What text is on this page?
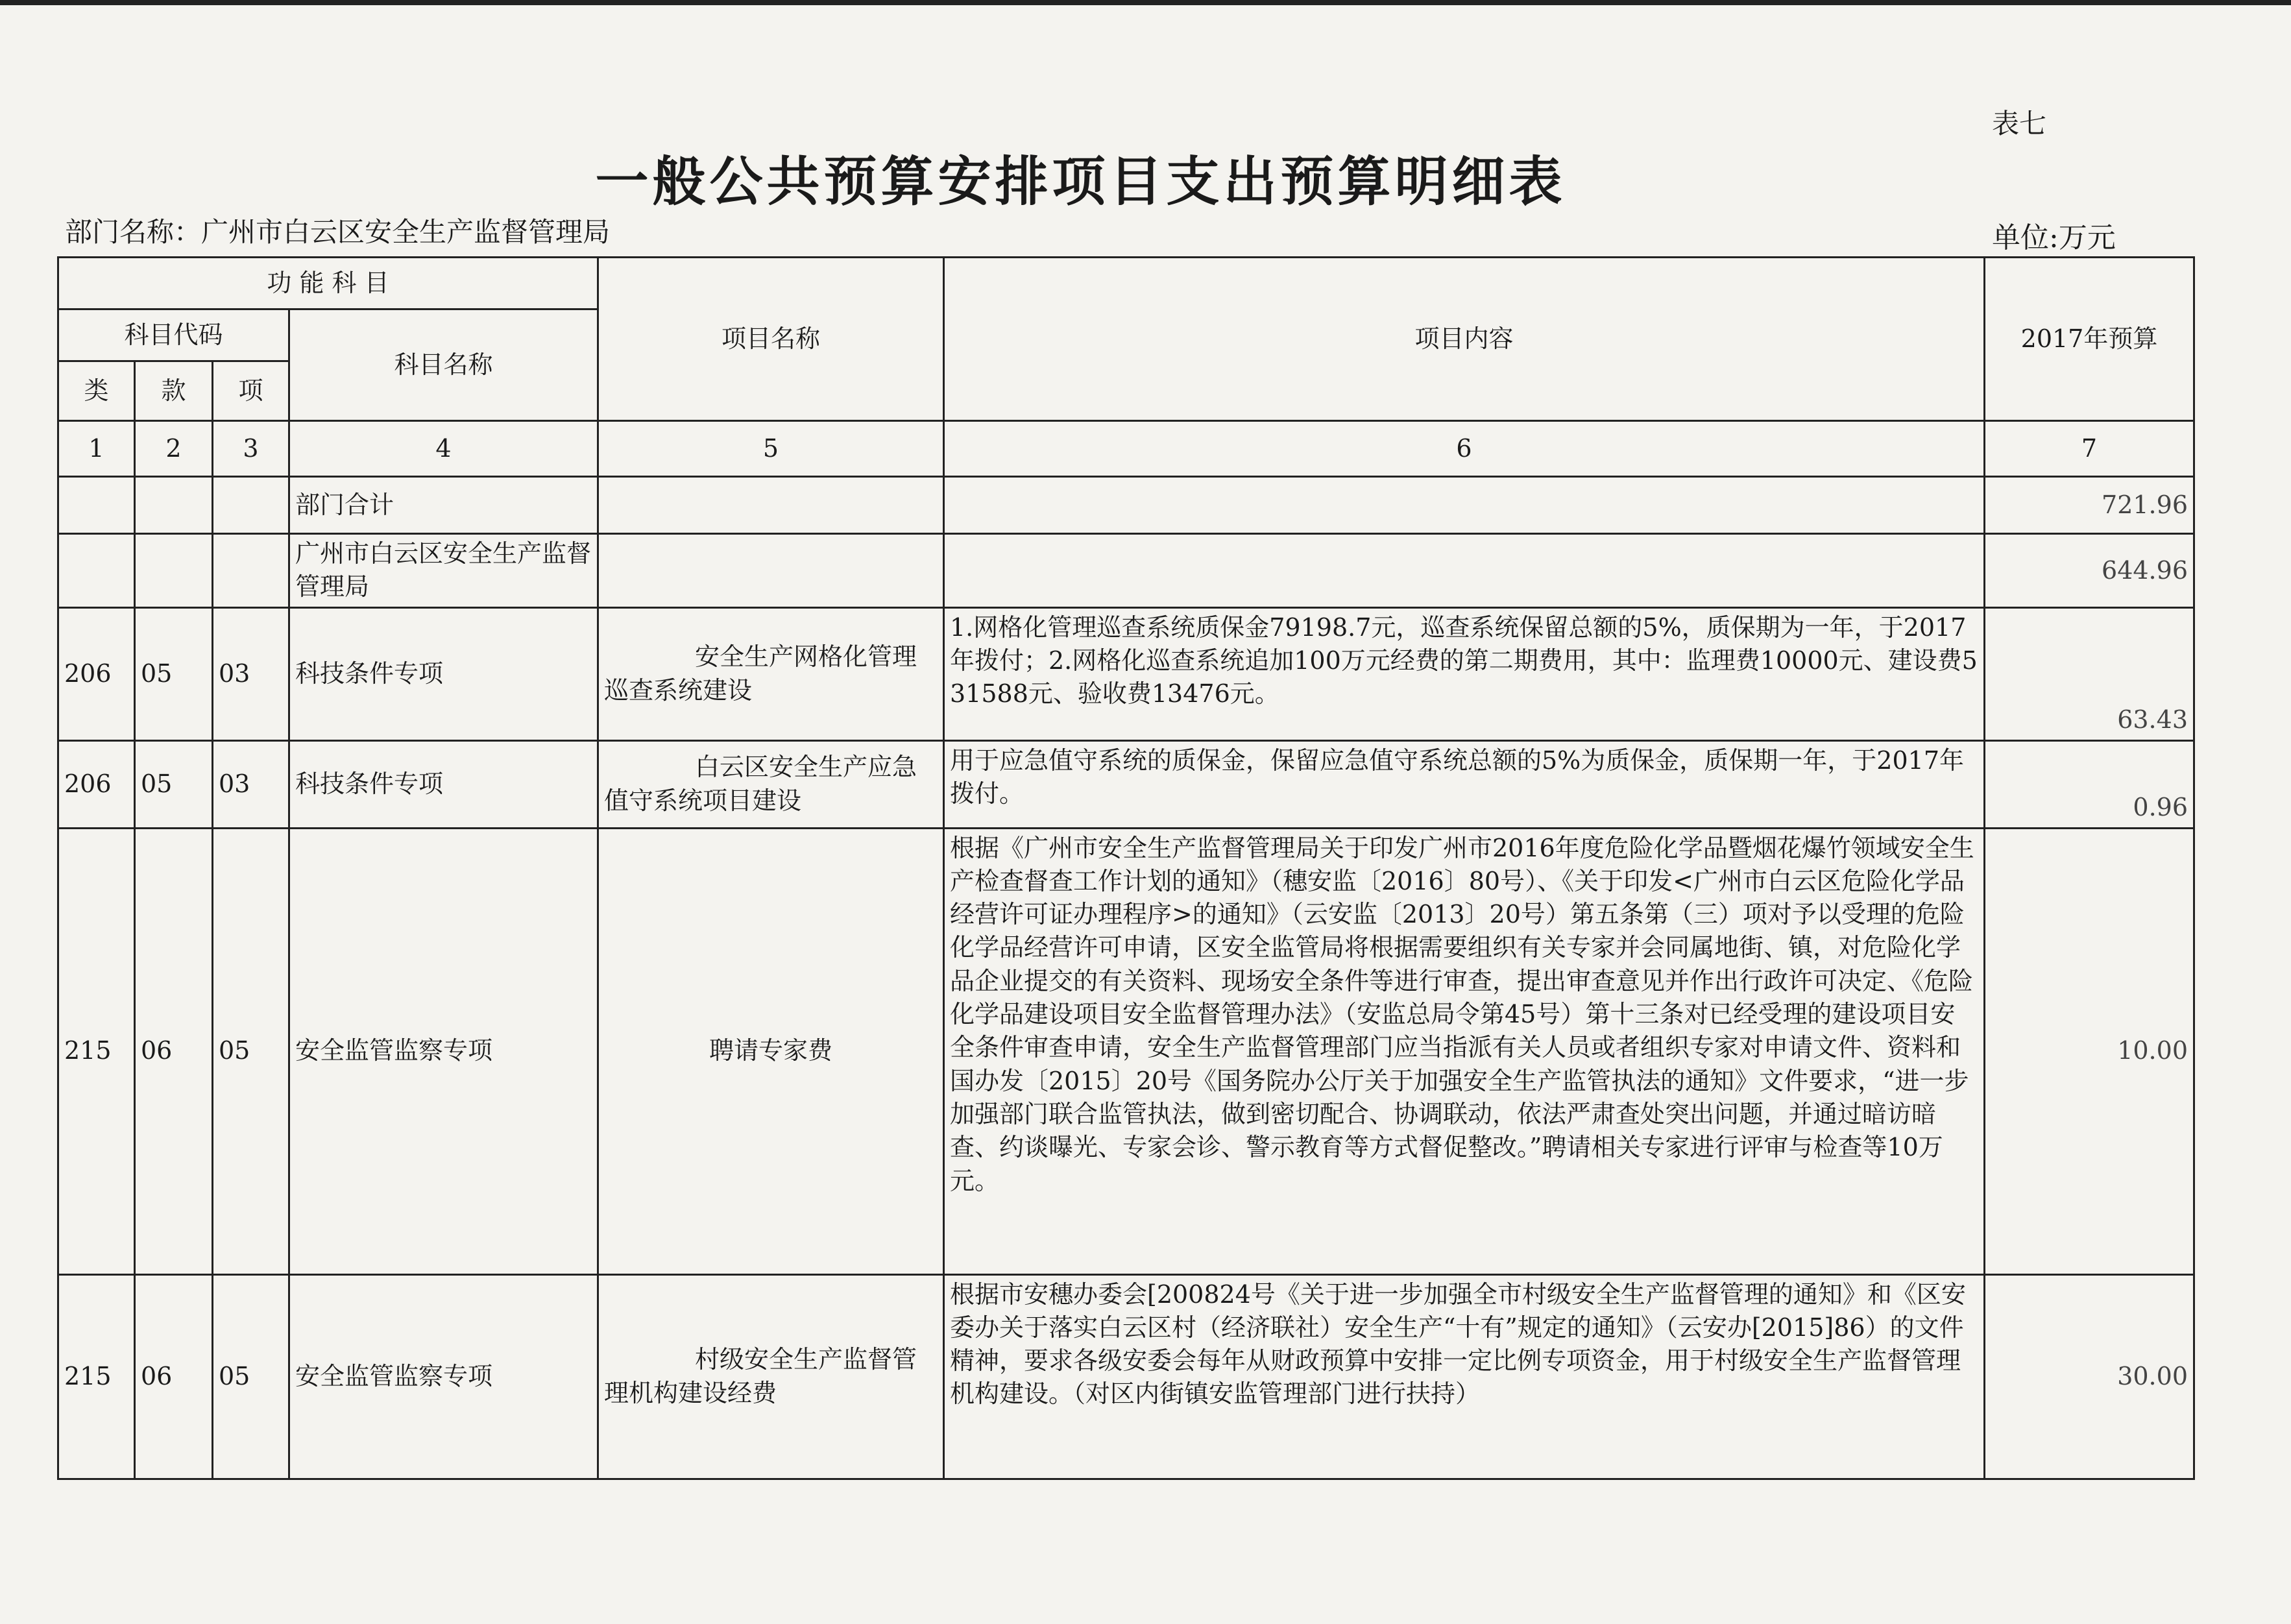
表七
一般公共预算安排项目支出预算明细表
部门名称：广州市白云区安全生产监督管理局	单位:万元
功 能 科 目				项目名称	项目内容	2017年预算
科目代码			科目名称			
类	款	项				
1	2	3	4	5	6	7
			部门合计			721.96
			广州市白云区安全生产监督管理局			644.96
206	05	03	科技条件专项	安全生产网格化管理巡查系统建设	1.网格化管理巡查系统质保金79198.7元，巡查系统保留总额的5%，质保期为一年，于2017年拨付；2.网格化巡查系统追加100万元经费的第二期费用，其中：监理费10000元、建设费531588元、验收费13476元。	63.43
206	05	03	科技条件专项	白云区安全生产应急值守系统项目建设	用于应急值守系统的质保金，保留应急值守系统总额的5%为质保金，质保期一年，于2017年拨付。	0.96
215	06	05	安全监管监察专项	聘请专家费	根据《广州市安全生产监督管理局关于印发广州市2016年度危险化学品暨烟花爆竹领域安全生产检查督查工作计划的通知》（穗安监〔2016〕80号）、《关于印发<广州市白云区危险化学品经营许可证办理程序>的通知》（云安监〔2013〕20号）第五条第（三）项对予以受理的危险化学品经营许可申请，区安全监管局将根据需要组织有关专家并会同属地街、镇，对危险化学品企业提交的有关资料、现场安全条件等进行审查，提出审查意见并作出行政许可决定、《危险化学品建设项目安全监督管理办法》（安监总局令第45号）第十三条对已经受理的建设项目安全条件审查申请，安全生产监督管理部门应当指派有关人员或者组织专家对申请文件、资料和国办发〔2015〕20号《国务院办公厅关于加强安全生产监管执法的通知》文件要求，“进一步加强部门联合监管执法，做到密切配合、协调联动，依法严肃查处突出问题，并通过暗访暗查、约谈曝光、专家会诊、警示教育等方式督促整改。”聘请相关专家进行评审与检查等10万元。	10.00
215	06	05	安全监管监察专项	村级安全生产监督管理机构建设经费	根据市安穗办委会[200824号《关于进一步加强全市村级安全生产监督管理的通知》和《区安委办关于落实白云区村（经济联社）安全生产“十有”规定的通知》（云安办[2015]86）的文件精神，要求各级安委会每年从财政预算中安排一定比例专项资金，用于村级安全生产监督管理机构建设。（对区内街镇安监管理部门进行扶持）	30.00
